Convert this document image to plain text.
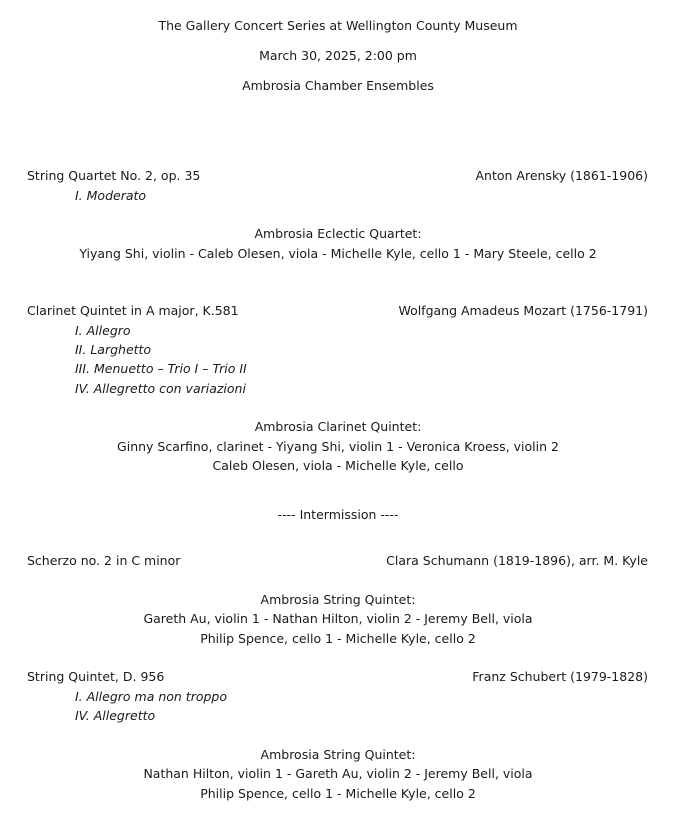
The Gallery Concert Series at Wellington County Museum
March 30, 2025, 2:00 pm
Ambrosia Chamber Ensembles
String Quartet No. 2, op. 35	Anton Arensky (1861-1906)
I. Moderato
Ambrosia Eclectic Quartet:
Yiyang Shi, violin - Caleb Olesen, viola - Michelle Kyle, cello 1 - Mary Steele, cello 2
Clarinet Quintet in A major, K.581	Wolfgang Amadeus Mozart (1756-1791)
I. Allegro
II. Larghetto
III. Menuetto – Trio I – Trio II
IV. Allegretto con variazioni
Ambrosia Clarinet Quintet:
Ginny Scarfino, clarinet - Yiyang Shi, violin 1 - Veronica Kroess, violin 2
Caleb Olesen, viola - Michelle Kyle, cello
---- Intermission ----
Scherzo no. 2 in C minor	Clara Schumann (1819-1896), arr. M. Kyle
Ambrosia String Quintet:
Gareth Au, violin 1 - Nathan Hilton, violin 2 - Jeremy Bell, viola
Philip Spence, cello 1 - Michelle Kyle, cello 2
String Quintet, D. 956	Franz Schubert (1979-1828)
I. Allegro ma non troppo
IV. Allegretto
Ambrosia String Quintet:
Nathan Hilton, violin 1 - Gareth Au, violin 2 - Jeremy Bell, viola
Philip Spence, cello 1 - Michelle Kyle, cello 2
